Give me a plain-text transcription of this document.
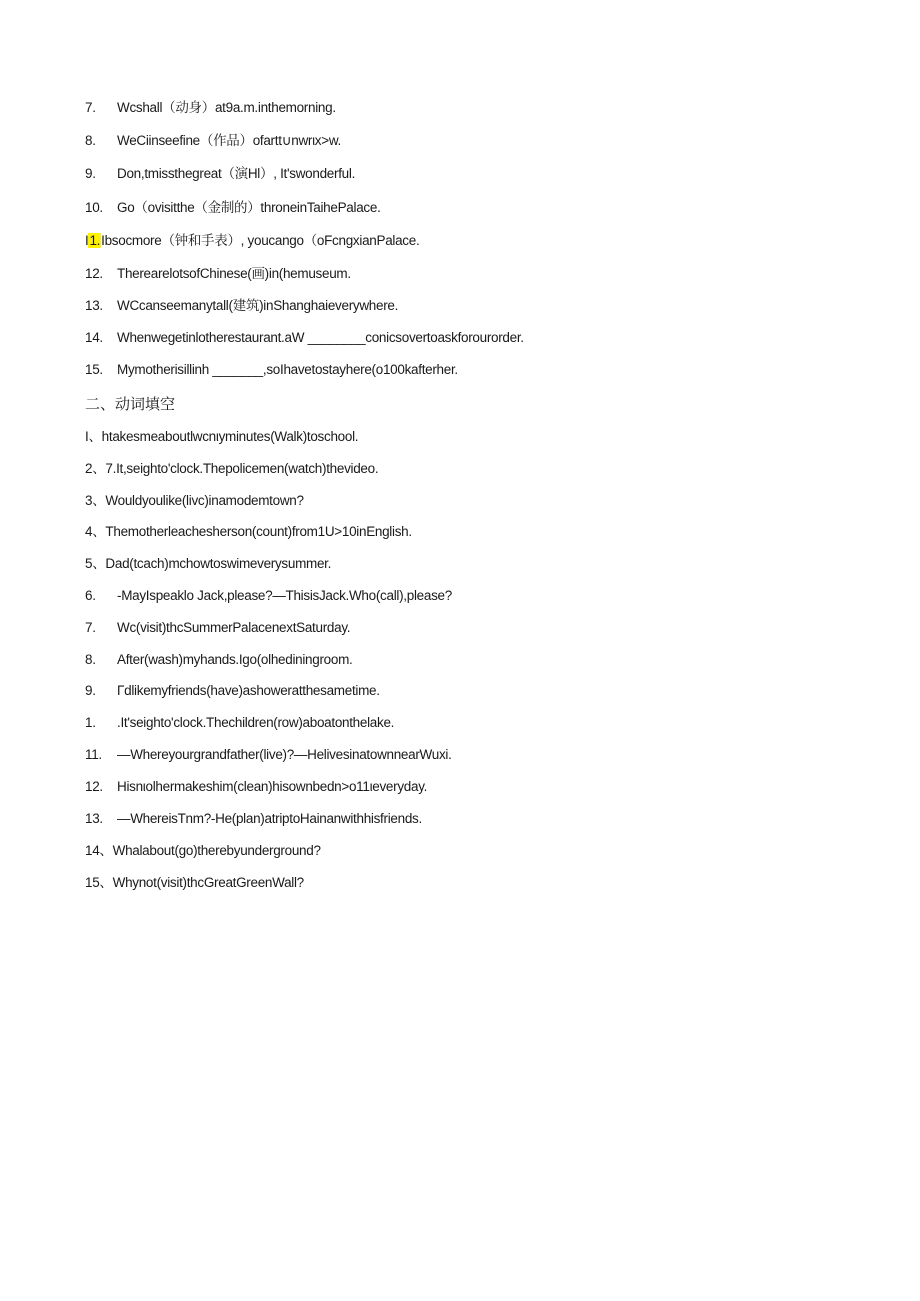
7. Wcshall（动身）at9a.m.inthemorning.
8. WeCiinseefine（作品）ofartt∪nwrιx>w.
9. Don,tmissthegreat（演Hl）, It'swonderful.
10. Go（ovisitthe（金制的）throneinTaihePalace.
I1.Ibsocmore（钟和手表）, youcango（oFcngxianPalace.
12. TherearelotsofChinese(画)in(hemuseum.
13. WCcanseemanytall(建筑)inShanghaieverywhere.
14. Whenwegetinlotherestaurant.aW ________conicsovertoaskforourorder.
15. Mymotherisillinh _______,soIhavetostayhere(o100kafterher.
二、动词填空
I、htakesmeaboutlwcnιyminutes(Walk)toschool.
2、7.It,seighto'clock.Thepolicemen(watch)thevideo.
3、Wouldyoulike(livc)inamodemtown?
4、Themotherleachesherson(count)from1U>10inEnglish.
5、Dad(tcach)mchowtoswimeverysummer.
6. -MayIspeaklo Jack,please?—ThisisJack.Who(call),please?
7. Wc(visit)thcSummerPalacenextSaturday.
8. After(wash)myhands.Igo(olhediningroom.
9. Γdlikemyfriends(have)ashoweratthesametime.
1. .It'seighto'clock.Thechildren(row)aboatonthelake.
11. —Whereyourgrandfather(live)?—HelivesinatownnearWuxi.
12. Hisnιolhermakeshim(clean)hisownbedn>o11ιeveryday.
13. —WhereisTnm?-He(plan)atriptoHainanwithhisfriends.
14、Whalabout(go)therebyunderground?
15、Whynot(visit)thcGreatGreenWall?
